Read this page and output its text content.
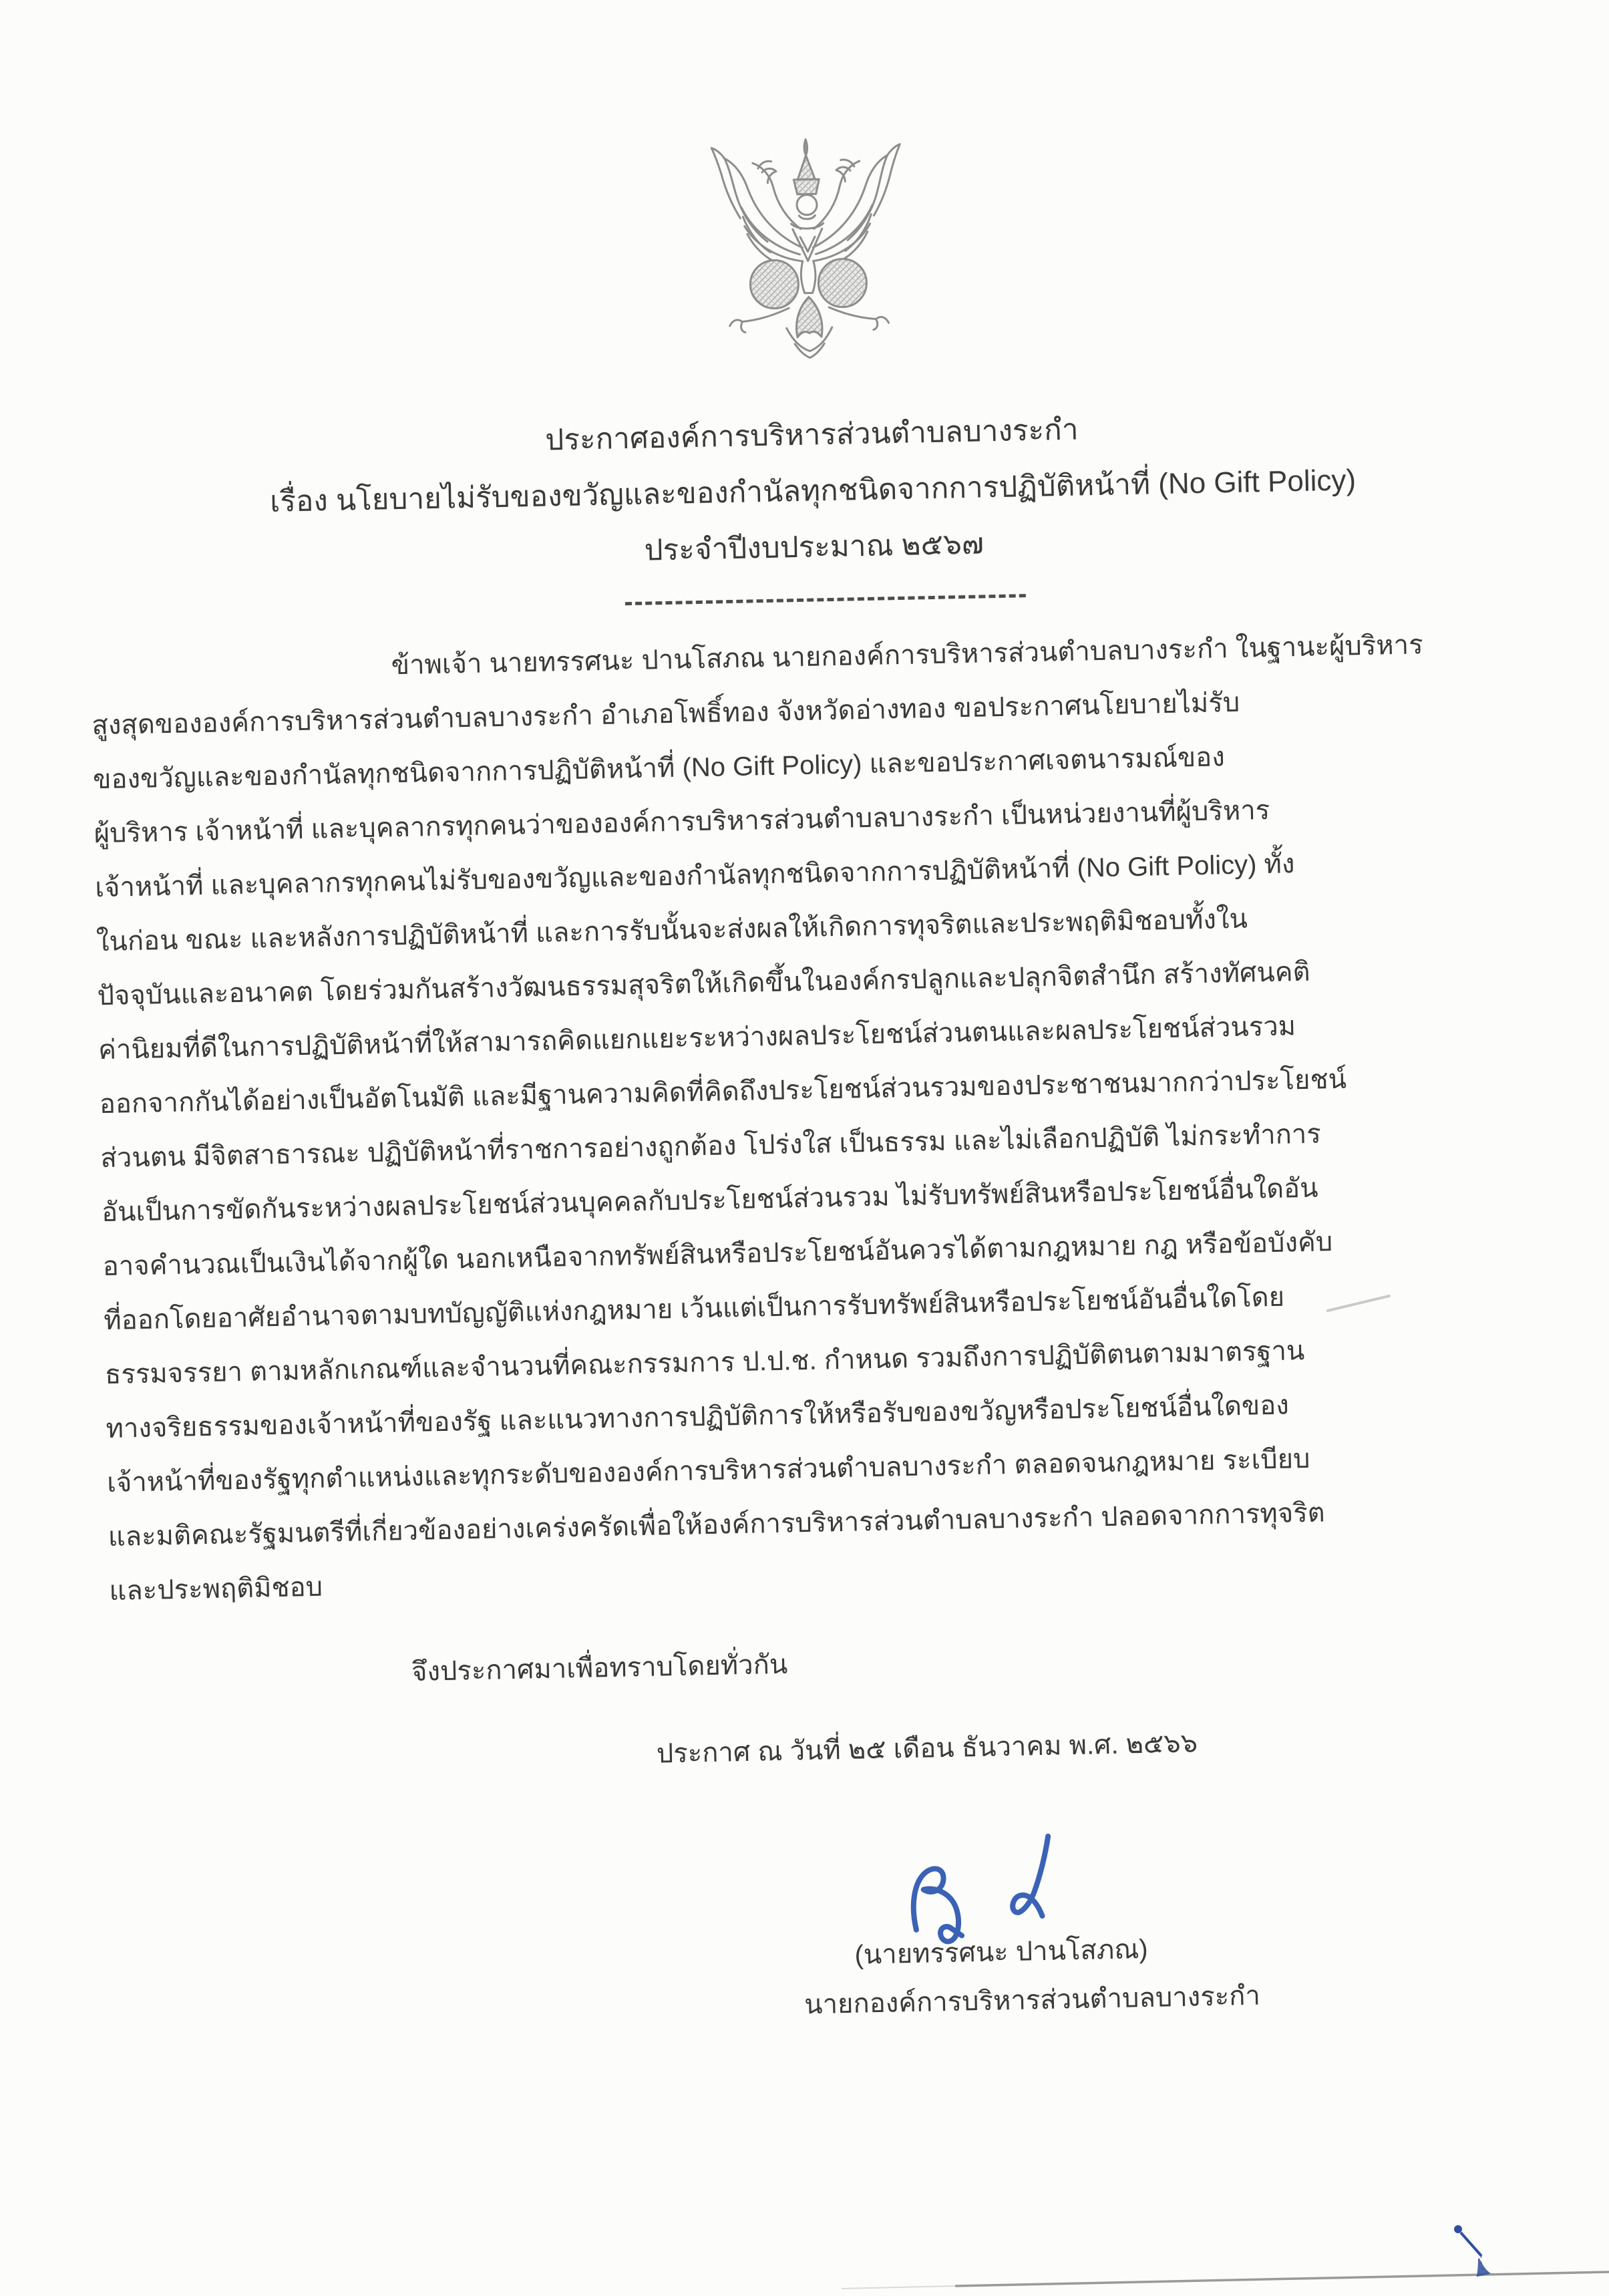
ประกาศองค์การบริหารส่วนตำบลบางระกำ
เรื่อง นโยบายไม่รับของขวัญและของกำนัลทุกชนิดจากการปฏิบัติหน้าที่ (No Gift Policy)
ประจำปีงบประมาณ ๒๕๖๗
ข้าพเจ้า นายทรรศนะ ปานโสภณ นายกองค์การบริหารส่วนตำบลบางระกำ ในฐานะผู้บริหาร
สูงสุดขององค์การบริหารส่วนตำบลบางระกำ อำเภอโพธิ์ทอง จังหวัดอ่างทอง ขอประกาศนโยบายไม่รับ
ของขวัญและของกำนัลทุกชนิดจากการปฏิบัติหน้าที่ (No Gift Policy) และขอประกาศเจตนารมณ์ของ
ผู้บริหาร เจ้าหน้าที่ และบุคลากรทุกคนว่าขององค์การบริหารส่วนตำบลบางระกำ เป็นหน่วยงานที่ผู้บริหาร
เจ้าหน้าที่ และบุคลากรทุกคนไม่รับของขวัญและของกำนัลทุกชนิดจากการปฏิบัติหน้าที่ (No Gift Policy) ทั้ง
ในก่อน ขณะ และหลังการปฏิบัติหน้าที่ และการรับนั้นจะส่งผลให้เกิดการทุจริตและประพฤติมิชอบทั้งใน
ปัจจุบันและอนาคต โดยร่วมกันสร้างวัฒนธรรมสุจริตให้เกิดขึ้นในองค์กรปลูกและปลุกจิตสำนึก สร้างทัศนคติ
ค่านิยมที่ดีในการปฏิบัติหน้าที่ให้สามารถคิดแยกแยะระหว่างผลประโยชน์ส่วนตนและผลประโยชน์ส่วนรวม
ออกจากกันได้อย่างเป็นอัตโนมัติ และมีฐานความคิดที่คิดถึงประโยชน์ส่วนรวมของประชาชนมากกว่าประโยชน์
ส่วนตน มีจิตสาธารณะ ปฏิบัติหน้าที่ราชการอย่างถูกต้อง โปร่งใส เป็นธรรม และไม่เลือกปฏิบัติ ไม่กระทำการ
อันเป็นการขัดกันระหว่างผลประโยชน์ส่วนบุคคลกับประโยชน์ส่วนรวม ไม่รับทรัพย์สินหรือประโยชน์อื่นใดอัน
อาจคำนวณเป็นเงินได้จากผู้ใด นอกเหนือจากทรัพย์สินหรือประโยชน์อันควรได้ตามกฎหมาย กฎ หรือข้อบังคับ
ที่ออกโดยอาศัยอำนาจตามบทบัญญัติแห่งกฎหมาย เว้นแต่เป็นการรับทรัพย์สินหรือประโยชน์อันอื่นใดโดย
ธรรมจรรยา ตามหลักเกณฑ์และจำนวนที่คณะกรรมการ ป.ป.ช. กำหนด รวมถึงการปฏิบัติตนตามมาตรฐาน
ทางจริยธรรมของเจ้าหน้าที่ของรัฐ และแนวทางการปฏิบัติการให้หรือรับของขวัญหรือประโยชน์อื่นใดของ
เจ้าหน้าที่ของรัฐทุกตำแหน่งและทุกระดับขององค์การบริหารส่วนตำบลบางระกำ ตลอดจนกฎหมาย ระเบียบ
และมติคณะรัฐมนตรีที่เกี่ยวข้องอย่างเคร่งครัดเพื่อให้องค์การบริหารส่วนตำบลบางระกำ ปลอดจากการทุจริต
และประพฤติมิชอบ
จึงประกาศมาเพื่อทราบโดยทั่วกัน
ประกาศ ณ วันที่ ๒๕ เดือน ธันวาคม พ.ศ. ๒๕๖๖
(นายทรรศนะ ปานโสภณ)
นายกองค์การบริหารส่วนตำบลบางระกำ
